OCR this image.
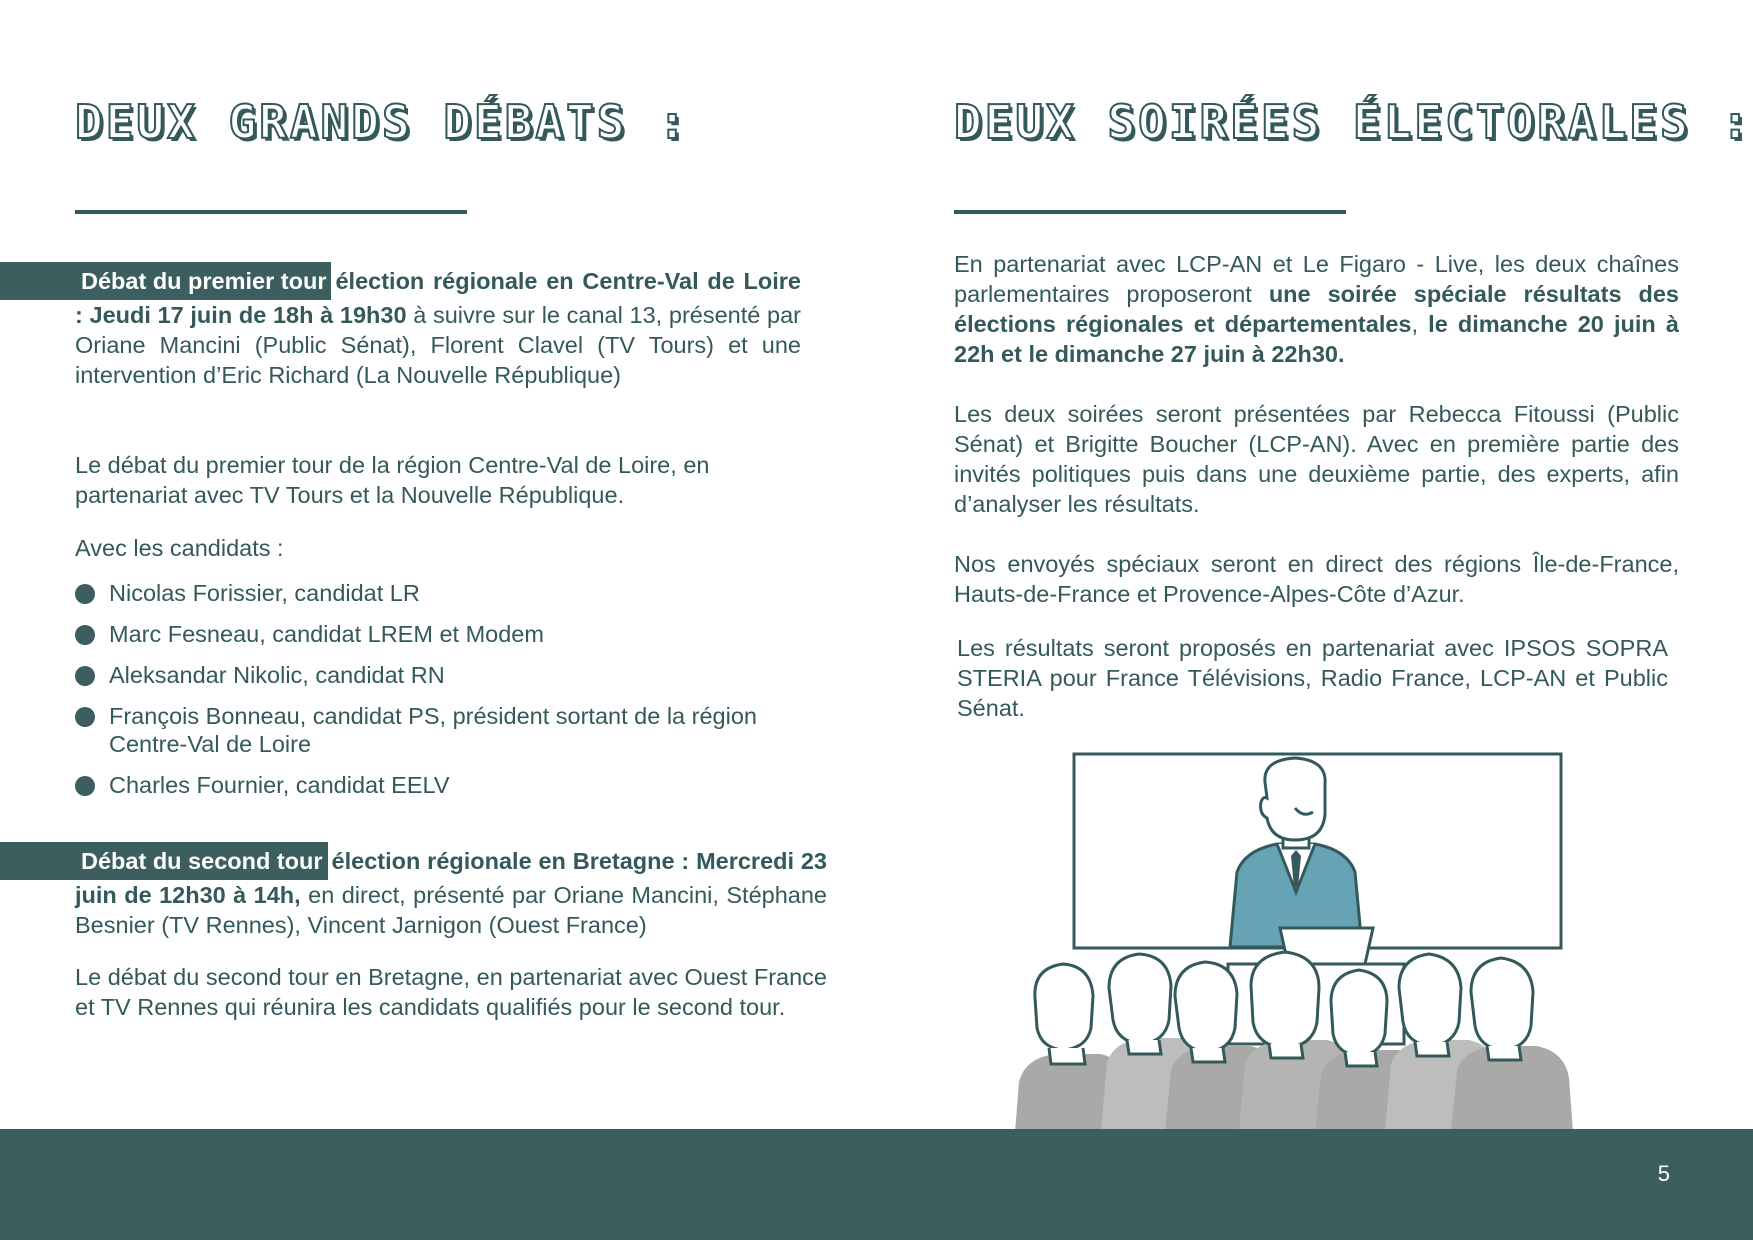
DEUX GRANDS DÉBATS :

Débat du premier tour élection régionale en Centre-Val de Loire : Jeudi 17 juin de 18h à 19h30 à suivre sur le canal 13, présenté par Oriane Mancini (Public Sénat), Florent Clavel (TV Tours) et une intervention d’Eric Richard (La Nouvelle République)

Le débat du premier tour de la région Centre-Val de Loire, en partenariat avec TV Tours et la Nouvelle République.

Avec les candidats :

Nicolas Forissier, candidat LR
Marc Fesneau, candidat LREM et Modem
Aleksandar Nikolic, candidat RN
François Bonneau, candidat PS, président sortant de la région Centre-Val de Loire
Charles Fournier, candidat EELV

Débat du second tour élection régionale en Bretagne : Mercredi 23 juin de 12h30 à 14h, en direct, présenté par Oriane Mancini, Stéphane Besnier (TV Rennes), Vincent Jarnigon (Ouest France)

Le débat du second tour en Bretagne, en partenariat avec Ouest France et TV Rennes qui réunira les candidats qualifiés pour le second tour.

DEUX SOIRÉES ÉLECTORALES :

En partenariat avec LCP-AN et Le Figaro - Live, les deux chaînes parlementaires proposeront une soirée spéciale résultats des élections régionales et départementales, le dimanche 20 juin à 22h et le dimanche 27 juin à 22h30.

Les deux soirées seront présentées par Rebecca Fitoussi (Public Sénat) et Brigitte Boucher (LCP-AN). Avec en première partie des invités politiques puis dans une deuxième partie, des experts, afin d’analyser les résultats.

Nos envoyés spéciaux seront en direct des régions Île-de-France, Hauts-de-France et Provence-Alpes-Côte d’Azur.

Les résultats seront proposés en partenariat avec IPSOS SOPRA STERIA pour France Télévisions, Radio France, LCP-AN et Public Sénat.

5
